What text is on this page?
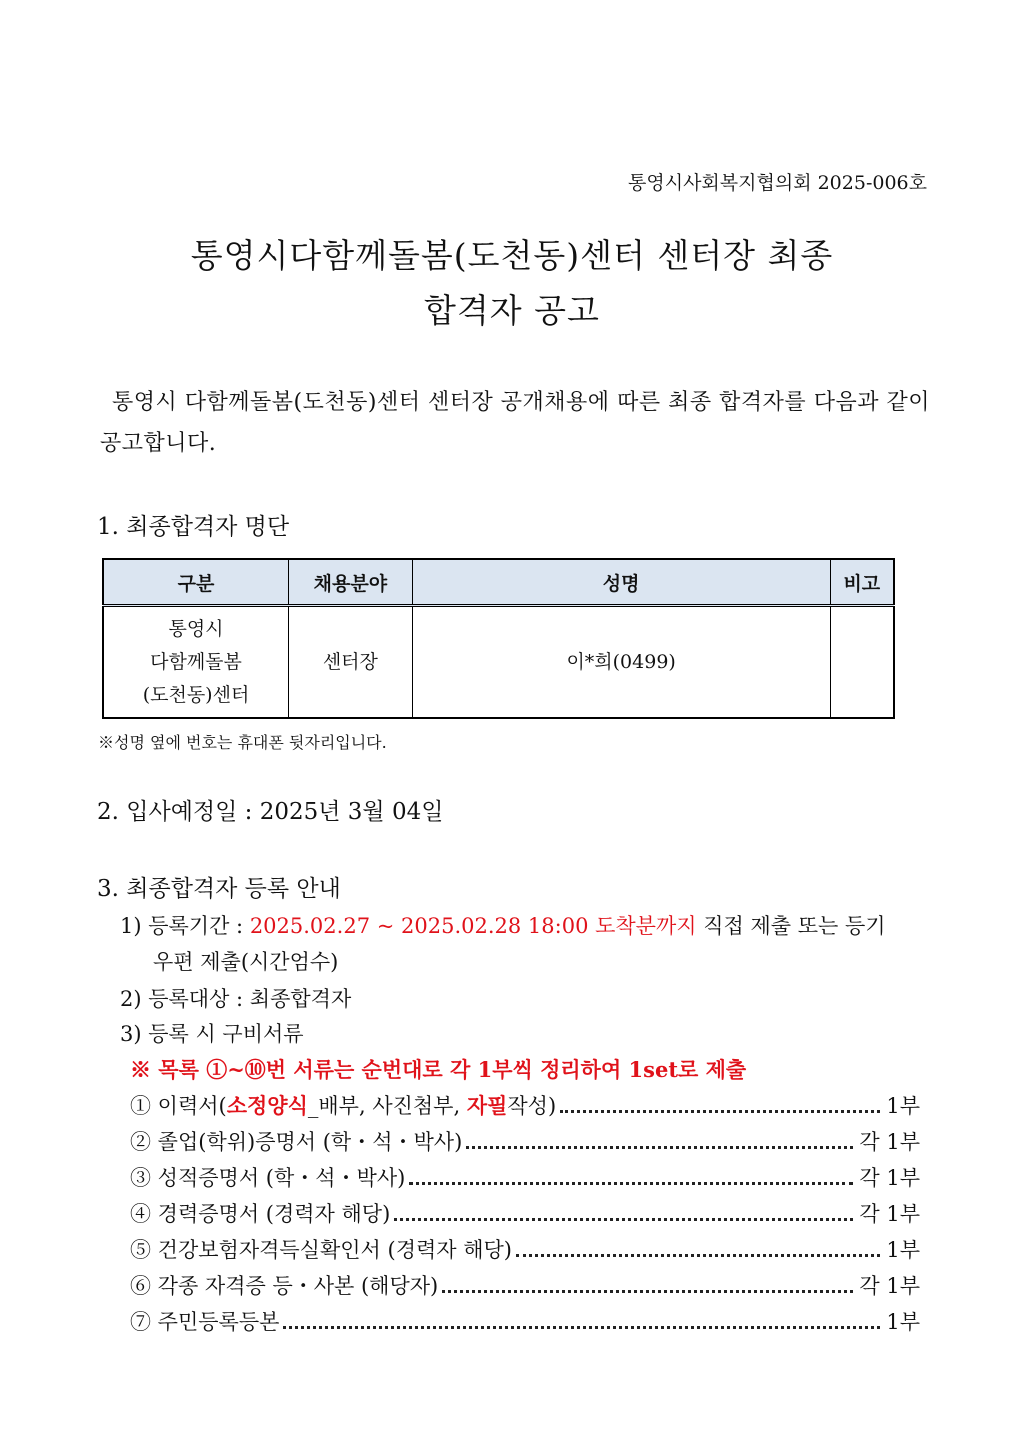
통영시사회복지협의회 2025-006호
통영시다함께돌봄(도천동)센터 센터장 최종
합격자 공고
통영시 다함께돌봄(도천동)센터 센터장 공개채용에 따른 최종 합격자를 다음과 같이 공고합니다.
1. 최종합격자 명단
구분	채용분야	성명	비고

통영시
다함께돌봄
(도천동)센터	센터장	이*희(0499)	
※성명 옆에 번호는 휴대폰 뒷자리입니다.
2. 입사예정일 : 2025년 3월 04일
3. 최종합격자 등록 안내
1) 등록기간 : 2025.02.27 ~ 2025.02.28 18:00 도착분까지 직접 제출 또는 등기
우편 제출(시간엄수)
2) 등록대상 : 최종합격자
3) 등록 시 구비서류
※ 목록 ①~⑩번 서류는 순번대로 각 1부씩 정리하여 1set로 제출
① 이력서(소정양식_배부, 사진첨부, 자필작성)	1부
② 졸업(학위)증명서 (학・석・박사)	각 1부
③ 성적증명서 (학・석・박사)	각 1부
④ 경력증명서 (경력자 해당)	각 1부
⑤ 건강보험자격득실확인서 (경력자 해당)	1부
⑥ 각종 자격증 등・사본 (해당자)	각 1부
⑦ 주민등록등본	1부
